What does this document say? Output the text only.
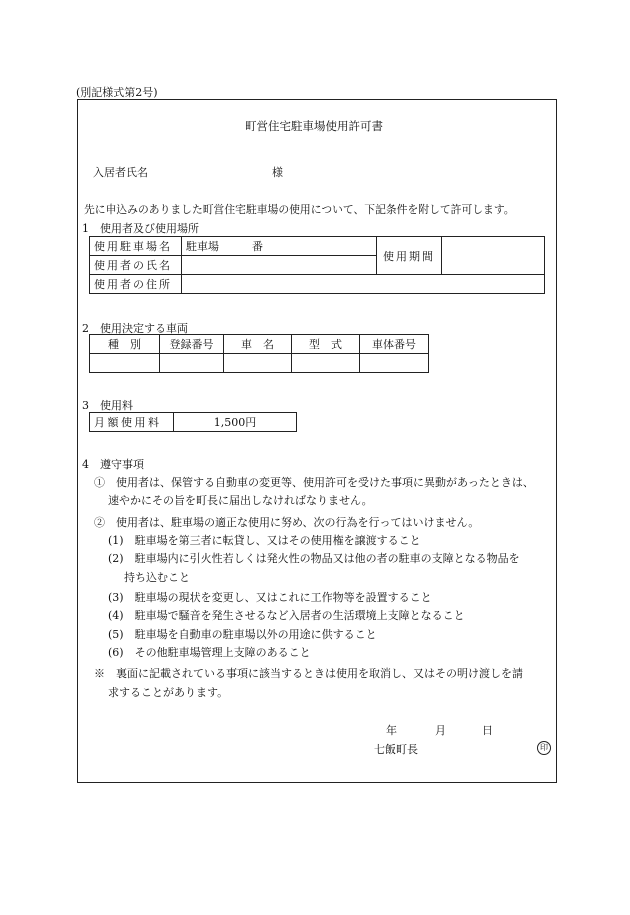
(別記様式第2号)
町営住宅駐車場使用許可書
入居者氏名	様
先に申込みのありました町営住宅駐車場の使用について、下記条件を附して許可します。
1　使用者及び使用場所
使用駐車場名	駐車場　　　番	使用期間	
使用者の氏名			
使用者の住所			
2　使用決定する車両
種　別	登録番号	車　名	型　式	車体番号

3　使用料
月額使用料	1,500円
4　遵守事項
①　使用者は、保管する自動車の変更等、使用許可を受けた事項に異動があったときは、
速やかにその旨を町長に届出しなければなりません。
②　使用者は、駐車場の適正な使用に努め、次の行為を行ってはいけません。
(1)　駐車場を第三者に転貸し、又はその使用権を譲渡すること
(2)　駐車場内に引火性若しくは発火性の物品又は他の者の駐車の支障となる物品を
持ち込むこと
(3)　駐車場の現状を変更し、又はこれに工作物等を設置すること
(4)　駐車場で騒音を発生させるなど入居者の生活環境上支障となること
(5)　駐車場を自動車の駐車場以外の用途に供すること
(6)　その他駐車場管理上支障のあること
※　裏面に記載されている事項に該当するときは使用を取消し、又はその明け渡しを請
求することがあります。
年	月	日
七飯町長	印
